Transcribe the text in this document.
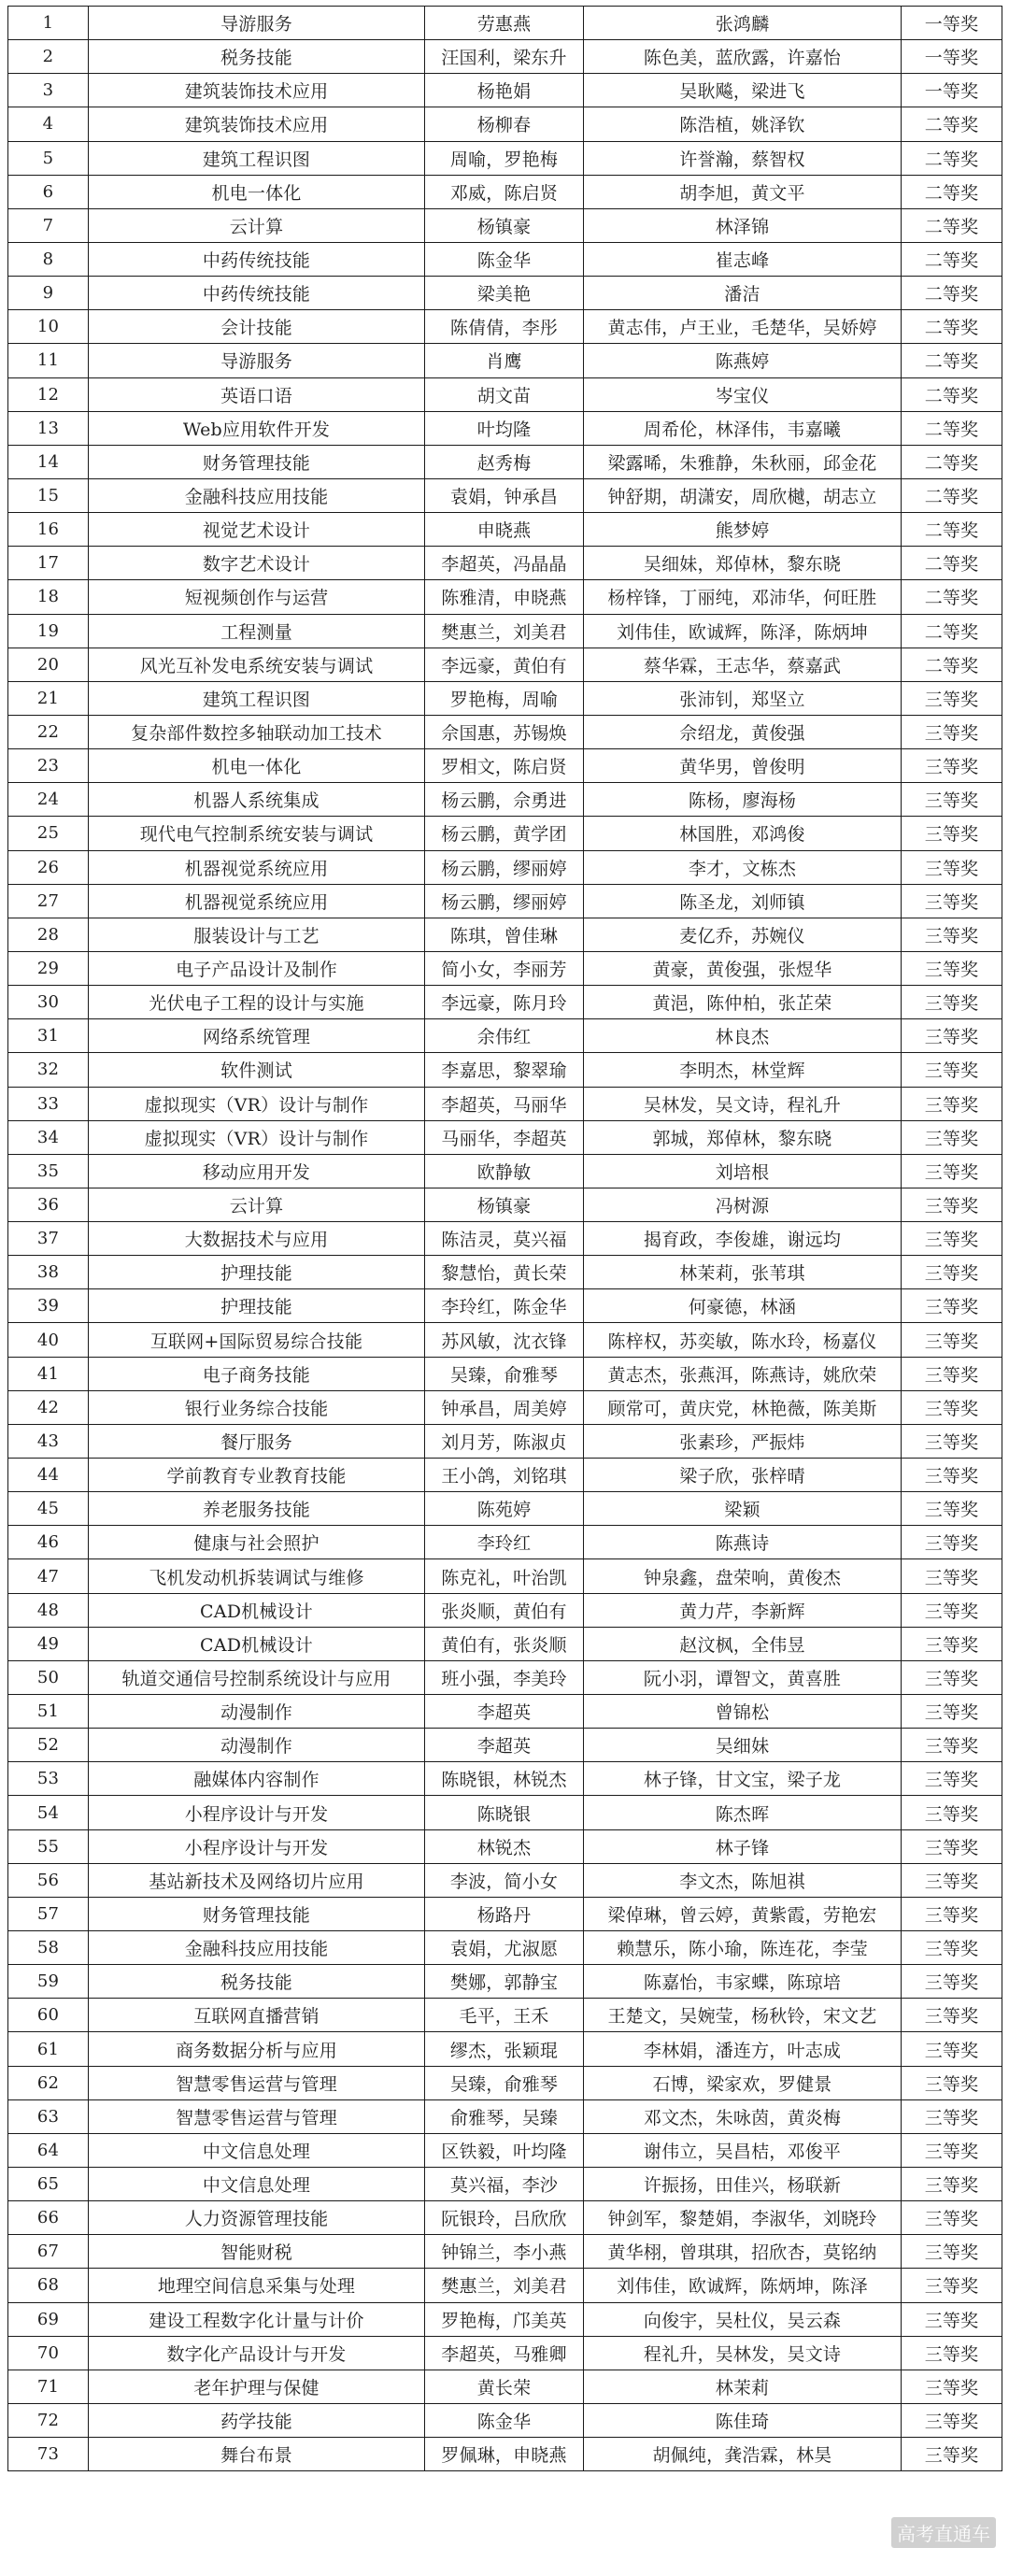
1	导游服务	劳惠燕	张鸿麟	一等奖
2	税务技能	汪国利，梁东升	陈色美，蓝欣露，许嘉怡	一等奖
3	建筑装饰技术应用	杨艳娟	吴耿飚，梁进飞	一等奖
4	建筑装饰技术应用	杨柳春	陈浩植，姚泽钦	二等奖
5	建筑工程识图	周喻，罗艳梅	许誉瀚，蔡智权	二等奖
6	机电一体化	邓威，陈启贤	胡李旭，黄文平	二等奖
7	云计算	杨镇豪	林泽锦	二等奖
8	中药传统技能	陈金华	崔志峰	二等奖
9	中药传统技能	梁美艳	潘洁	二等奖
10	会计技能	陈倩倩，李彤	黄志伟，卢王业，毛楚华，吴娇婷	二等奖
11	导游服务	肖鹰	陈燕婷	二等奖
12	英语口语	胡文苗	岑宝仪	二等奖
13	Web应用软件开发	叶均隆	周希伦，林泽伟，韦嘉曦	二等奖
14	财务管理技能	赵秀梅	梁露晞，朱雅静，朱秋丽，邱金花	二等奖
15	金融科技应用技能	袁娟，钟承昌	钟舒期，胡潇安，周欣樾，胡志立	二等奖
16	视觉艺术设计	申晓燕	熊梦婷	二等奖
17	数字艺术设计	李超英，冯晶晶	吴细妹，郑倬林，黎东晓	二等奖
18	短视频创作与运营	陈雅清，申晓燕	杨梓锋，丁丽纯，邓沛华，何旺胜	二等奖
19	工程测量	樊惠兰，刘美君	刘伟佳，欧诚辉，陈泽，陈炳坤	二等奖
20	风光互补发电系统安装与调试	李远豪，黄伯有	蔡华霖，王志华，蔡嘉武	二等奖
21	建筑工程识图	罗艳梅，周喻	张沛钊，郑坚立	三等奖
22	复杂部件数控多轴联动加工技术	佘国惠，苏锡焕	佘绍龙，黄俊强	三等奖
23	机电一体化	罗相文，陈启贤	黄华男，曾俊明	三等奖
24	机器人系统集成	杨云鹏，佘勇进	陈杨，廖海杨	三等奖
25	现代电气控制系统安装与调试	杨云鹏，黄学团	林国胜，邓鸿俊	三等奖
26	机器视觉系统应用	杨云鹏，缪丽婷	李才，文栋杰	三等奖
27	机器视觉系统应用	杨云鹏，缪丽婷	陈圣龙，刘师镇	三等奖
28	服装设计与工艺	陈琪，曾佳琳	麦亿乔，苏婉仪	三等奖
29	电子产品设计及制作	简小女，李丽芳	黄豪，黄俊强，张煜华	三等奖
30	光伏电子工程的设计与实施	李远豪，陈月玲	黄浥，陈仲柏，张芷荣	三等奖
31	网络系统管理	余伟红	林良杰	三等奖
32	软件测试	李嘉思，黎翠瑜	李明杰，林堂辉	三等奖
33	虚拟现实（VR）设计与制作	李超英，马丽华	吴林发，吴文诗，程礼升	三等奖
34	虚拟现实（VR）设计与制作	马丽华，李超英	郭城，郑倬林，黎东晓	三等奖
35	移动应用开发	欧静敏	刘培根	三等奖
36	云计算	杨镇豪	冯树源	三等奖
37	大数据技术与应用	陈洁灵，莫兴福	揭育政，李俊雄，谢远均	三等奖
38	护理技能	黎慧怡，黄长荣	林茉莉，张苇琪	三等奖
39	护理技能	李玲红，陈金华	何豪德，林涵	三等奖
40	互联网+国际贸易综合技能	苏风敏，沈衣锋	陈梓权，苏奕敏，陈水玲，杨嘉仪	三等奖
41	电子商务技能	吴臻，俞雅琴	黄志杰，张燕洱，陈燕诗，姚欣荣	三等奖
42	银行业务综合技能	钟承昌，周美婷	顾常可，黄庆党，林艳薇，陈美斯	三等奖
43	餐厅服务	刘月芳，陈淑贞	张素珍，严振炜	三等奖
44	学前教育专业教育技能	王小鸽，刘铭琪	梁子欣，张梓晴	三等奖
45	养老服务技能	陈苑婷	梁颖	三等奖
46	健康与社会照护	李玲红	陈燕诗	三等奖
47	飞机发动机拆装调试与维修	陈克礼，叶治凯	钟泉鑫，盘荣响，黄俊杰	三等奖
48	CAD机械设计	张炎顺，黄伯有	黄力芹，李新辉	三等奖
49	CAD机械设计	黄伯有，张炎顺	赵汶枫，全伟昱	三等奖
50	轨道交通信号控制系统设计与应用	班小强，李美玲	阮小羽，谭智文，黄喜胜	三等奖
51	动漫制作	李超英	曾锦松	三等奖
52	动漫制作	李超英	吴细妹	三等奖
53	融媒体内容制作	陈晓银，林锐杰	林子锋，甘文宝，梁子龙	三等奖
54	小程序设计与开发	陈晓银	陈杰晖	三等奖
55	小程序设计与开发	林锐杰	林子锋	三等奖
56	基站新技术及网络切片应用	李波，简小女	李文杰，陈旭祺	三等奖
57	财务管理技能	杨路丹	梁倬琳，曾云婷，黄紫霞，劳艳宏	三等奖
58	金融科技应用技能	袁娟，尤淑愿	赖慧乐，陈小瑜，陈连花，李莹	三等奖
59	税务技能	樊娜，郭静宝	陈嘉怡，韦家蝶，陈琼培	三等奖
60	互联网直播营销	毛平，王禾	王楚文，吴婉莹，杨秋铃，宋文艺	三等奖
61	商务数据分析与应用	缪杰，张颖琨	李林娟，潘连方，叶志成	三等奖
62	智慧零售运营与管理	吴臻，俞雅琴	石博，梁家欢，罗健景	三等奖
63	智慧零售运营与管理	俞雅琴，吴臻	邓文杰，朱咏茵，黄炎梅	三等奖
64	中文信息处理	区铁毅，叶均隆	谢伟立，吴昌桔，邓俊平	三等奖
65	中文信息处理	莫兴福，李沙	许振扬，田佳兴，杨联新	三等奖
66	人力资源管理技能	阮银玲，吕欣欣	钟剑军，黎楚娟，李淑华，刘晓玲	三等奖
67	智能财税	钟锦兰，李小燕	黄华栩，曾琪琪，招欣杏，莫铭纳	三等奖
68	地理空间信息采集与处理	樊惠兰，刘美君	刘伟佳，欧诚辉，陈炳坤，陈泽	三等奖
69	建设工程数字化计量与计价	罗艳梅，邝美英	向俊宇，吴杜仪，吴云森	三等奖
70	数字化产品设计与开发	李超英，马雅卿	程礼升，吴林发，吴文诗	三等奖
71	老年护理与保健	黄长荣	林茉莉	三等奖
72	药学技能	陈金华	陈佳琦	三等奖
73	舞台布景	罗佩琳，申晓燕	胡佩纯，龚浩霖，林昊	三等奖
高考直通车
